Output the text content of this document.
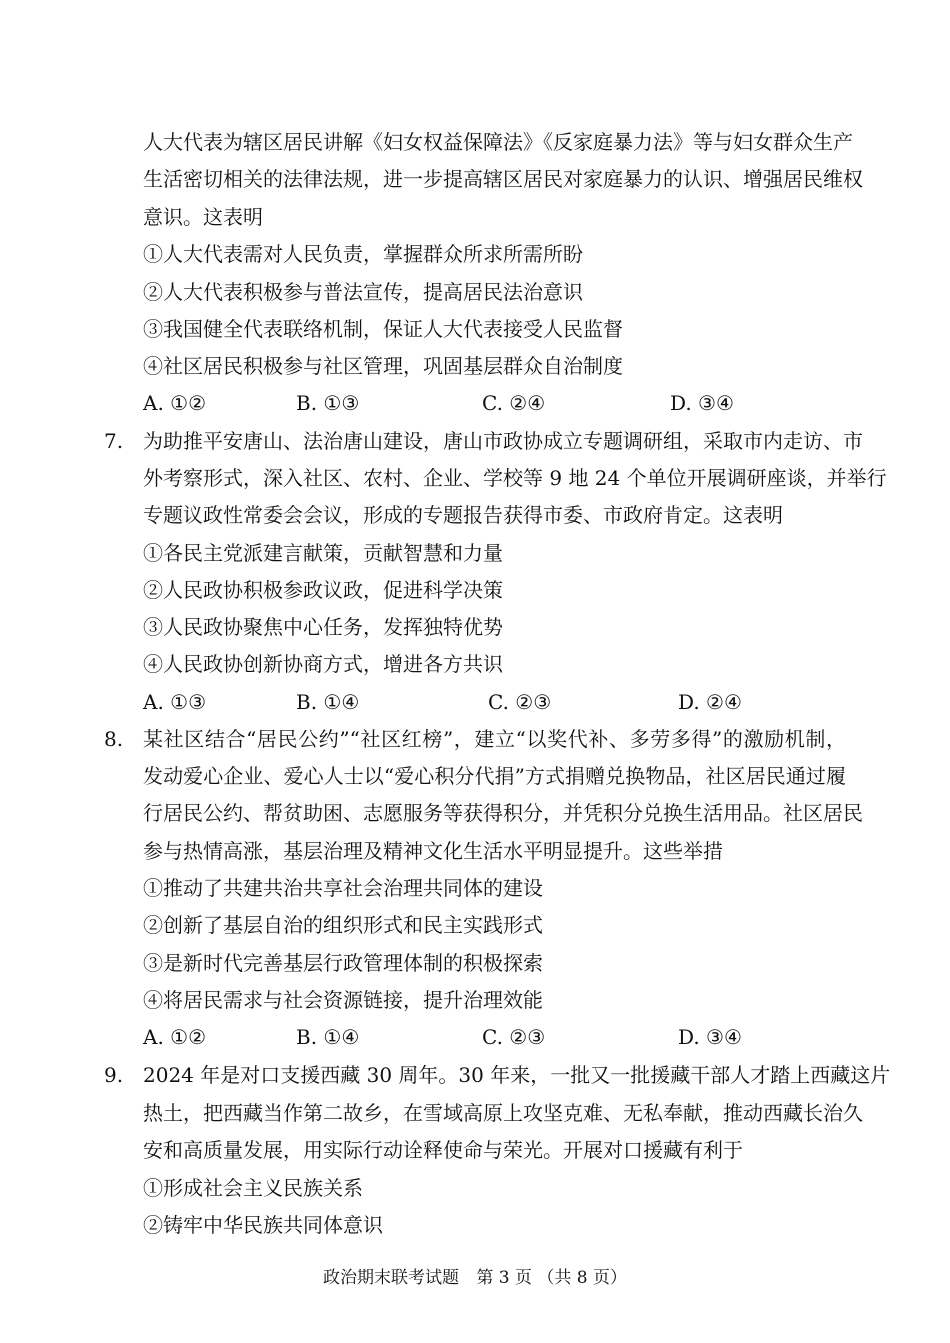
人大代表为辖区居民讲解《妇女权益保障法》《反家庭暴力法》等与妇女群众生产
生活密切相关的法律法规，进一步提高辖区居民对家庭暴力的认识、增强居民维权
意识。这表明
①人大代表需对人民负责，掌握群众所求所需所盼
②人大代表积极参与普法宣传，提高居民法治意识
③我国健全代表联络机制，保证人大代表接受人民监督
④社区居民积极参与社区管理，巩固基层群众自治制度
A. ①②	B. ①③	C. ②④	D. ③④
7. 为助推平安唐山、法治唐山建设，唐山市政协成立专题调研组，采取市内走访、市
外考察形式，深入社区、农村、企业、学校等 9 地 24 个单位开展调研座谈，并举行
专题议政性常委会会议，形成的专题报告获得市委、市政府肯定。这表明
①各民主党派建言献策，贡献智慧和力量
②人民政协积极参政议政，促进科学决策
③人民政协聚焦中心任务，发挥独特优势
④人民政协创新协商方式，增进各方共识
A. ①③	B. ①④	C. ②③	D. ②④
8. 某社区结合“居民公约”“社区红榜”，建立“以奖代补、多劳多得”的激励机制，
发动爱心企业、爱心人士以“爱心积分代捐”方式捐赠兑换物品，社区居民通过履
行居民公约、帮贫助困、志愿服务等获得积分，并凭积分兑换生活用品。社区居民
参与热情高涨，基层治理及精神文化生活水平明显提升。这些举措
①推动了共建共治共享社会治理共同体的建设
②创新了基层自治的组织形式和民主实践形式
③是新时代完善基层行政管理体制的积极探索
④将居民需求与社会资源链接，提升治理效能
A. ①②	B. ①④	C. ②③	D. ③④
9. 2024 年是对口支援西藏 30 周年。30 年来，一批又一批援藏干部人才踏上西藏这片
热土，把西藏当作第二故乡，在雪域高原上攻坚克难、无私奉献，推动西藏长治久
安和高质量发展，用实际行动诠释使命与荣光。开展对口援藏有利于
①形成社会主义民族关系
②铸牢中华民族共同体意识
政治期末联考试题 第 3 页 （共 8 页）
